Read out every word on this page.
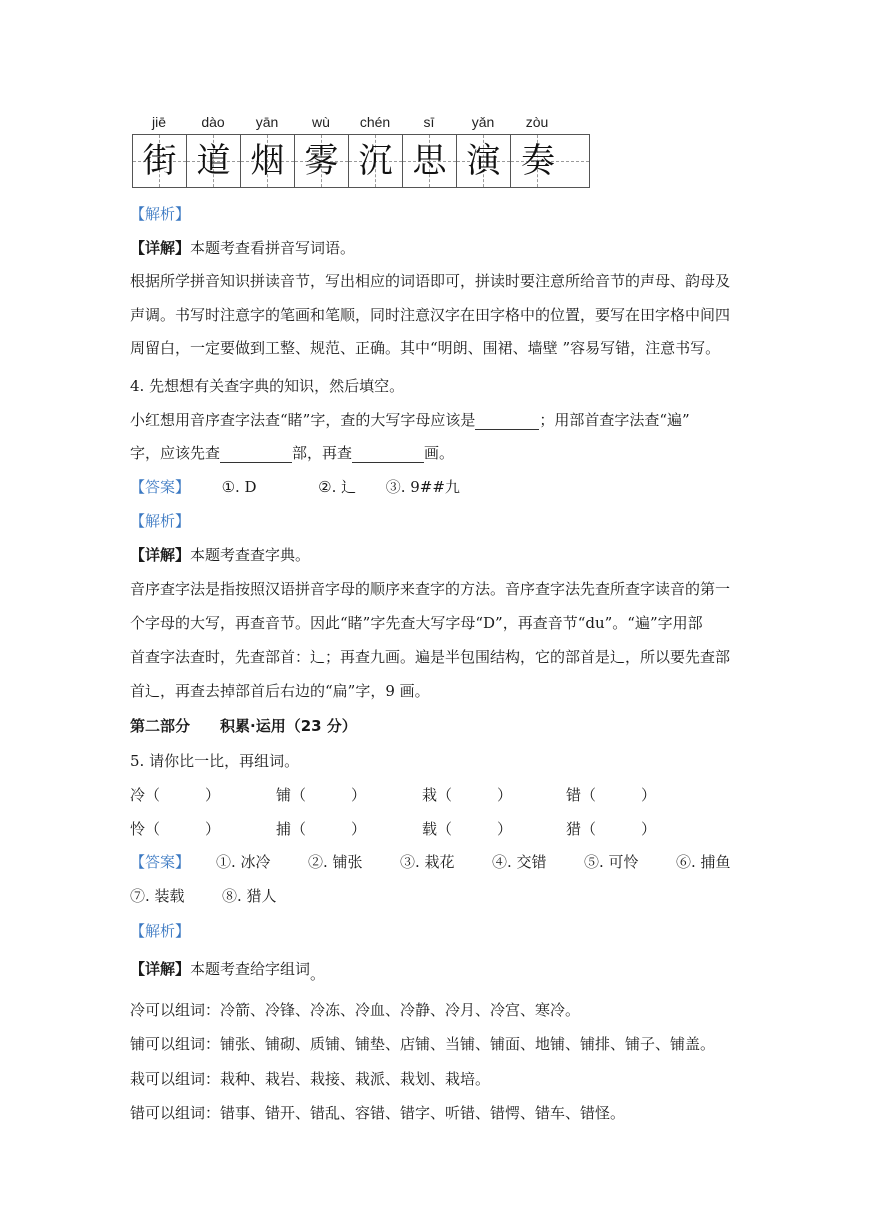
jiē	dào	yān	wù	chén	sī	yǎn	zòu
街 道 烟 雾 沉 思 演 奏
【解析】
【详解】本题考查看拼音写词语。
根据所学拼音知识拼读音节，写出相应的词语即可，拼读时要注意所给音节的声母、韵母及
声调。书写时注意字的笔画和笔顺，同时注意汉字在田字格中的位置，要写在田字格中间四
周留白，一定要做到工整、规范、正确。其中“明朗、围裙、墙壁 ”容易写错，注意书写。
4. 先想想有关查字典的知识，然后填空。
小红想用音序查字法查“睹”字，查的大写字母应该是	；用部首查字法查“遍”
字，应该先查	部，再查	画。
【答案】 ①. D	②. 辶 ③. 9##九
【解析】
【详解】本题考查查字典。
音序查字法是指按照汉语拼音字母的顺序来查字的方法。音序查字法先查所查字读音的第一
个字母的大写，再查音节。因此“睹”字先查大写字母“D”，再查音节“du”。“遍”字用部
首查字法查时，先查部首：辶；再查九画。遍是半包围结构，它的部首是辶，所以要先查部
首辶，再查去掉部首后右边的“扁”字，9 画。
第二部分　　积累·运用（23 分）
5. 请你比一比，再组词。
冷（　　　）	铺（　　　）	栽（　　　）	错（　　　）
怜（　　　）	捕（　　　）	载（　　　）	猎（　　　）
【答案】 ①. 冰冷 ②. 铺张 ③. 栽花 ④. 交错 ⑤. 可怜 ⑥. 捕鱼
⑦. 装载 ⑧. 猎人
【解析】
【详解】本题考查给字组词。
冷可以组词：冷箭、冷锋、冷冻、冷血、冷静、冷月、冷宫、寒冷。
铺可以组词：铺张、铺砌、质铺、铺垫、店铺、当铺、铺面、地铺、铺排、铺子、铺盖。
栽可以组词：栽种、栽岩、栽接、栽派、栽划、栽培。
错可以组词：错事、错开、错乱、容错、错字、听错、错愕、错车、错怪。
